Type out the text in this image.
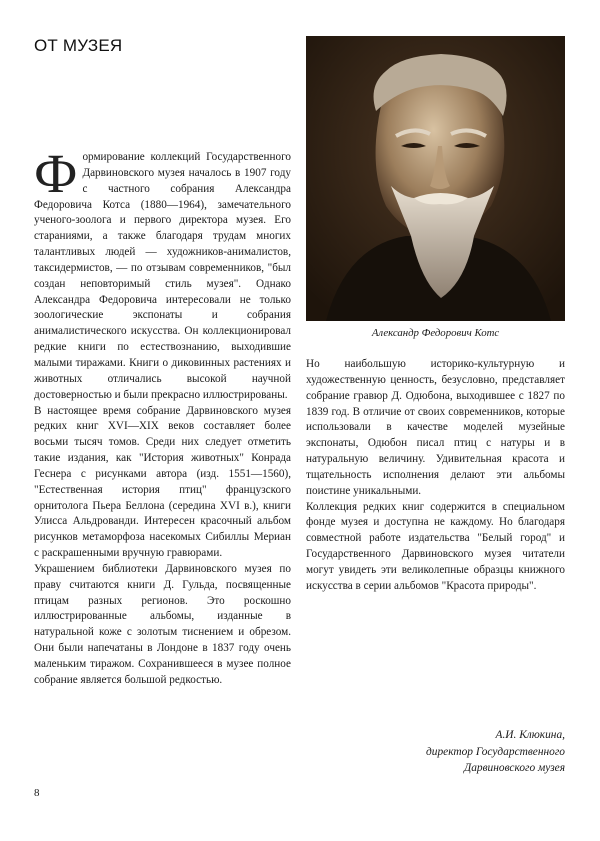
ОТ МУЗЕЯ

Формирование коллекций Государственного Дарвиновского музея началось в 1907 году с частного собрания Александра Федоровича Котса (1880—1964), замечательного ученого-зоолога и первого директора музея. Его стараниями, а также благодаря трудам многих талантливых людей — художников-анималистов, таксидермистов, — по отзывам современников, "был создан неповторимый стиль музея". Однако Александра Федоровича интересовали не только зоологические экспонаты и собрания анималистического искусства. Он коллекционировал редкие книги по естествознанию, выходившие малыми тиражами. Книги о диковинных растениях и животных отличались высокой научной достоверностью и были прекрасно иллюстрированы.

В настоящее время собрание Дарвиновского музея редких книг XVI—XIX веков составляет более восьми тысяч томов. Среди них следует отметить такие издания, как "История животных" Конрада Геснера с рисунками автора (изд. 1551—1560), "Естественная история птиц" французского орнитолога Пьера Беллона (середина XVI в.), книги Улисса Альдрованди. Интересен красочный альбом рисунков метаморфоза насекомых Сибиллы Мериан с раскрашенными вручную гравюрами.

Украшением библиотеки Дарвиновского музея по праву считаются книги Д. Гульда, посвященные птицам разных регионов. Это роскошно иллюстрированные альбомы, изданные в натуральной коже с золотым тиснением и обрезом. Они были напечатаны в Лондоне в 1837 году очень маленьким тиражом. Сохранившееся в музее полное собрание является большой редкостью.

Александр Федорович Котс

Но наибольшую историко-культурную и художественную ценность, безусловно, представляет собрание гравюр Д. Одюбона, выходившее с 1827 по 1839 год. В отличие от своих современников, которые использовали в качестве моделей музейные экспонаты, Одюбон писал птиц с натуры и в натуральную величину. Удивительная красота и тщательность исполнения делают эти альбомы поистине уникальными.

Коллекция редких книг содержится в специальном фонде музея и доступна не каждому. Но благодаря совместной работе издательства "Белый город" и Государственного Дарвиновского музея читатели могут увидеть эти великолепные образцы книжного искусства в серии альбомов "Красота природы".

А.И. Клюкина,
директор Государственного
Дарвиновского музея
8
